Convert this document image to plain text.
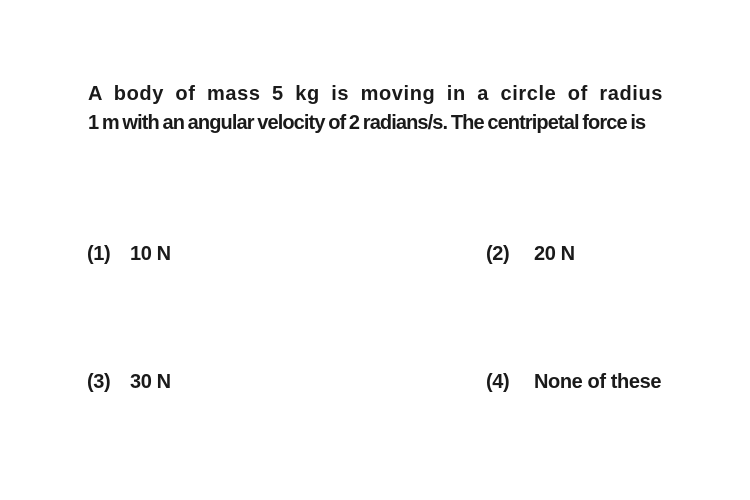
A body of mass 5 kg is moving in a circle of radius
1 m with an angular velocity of 2 radians/s. The centripetal force is
(1) 10 N	(2)	20 N
(3) 30 N	(4)	None of these
